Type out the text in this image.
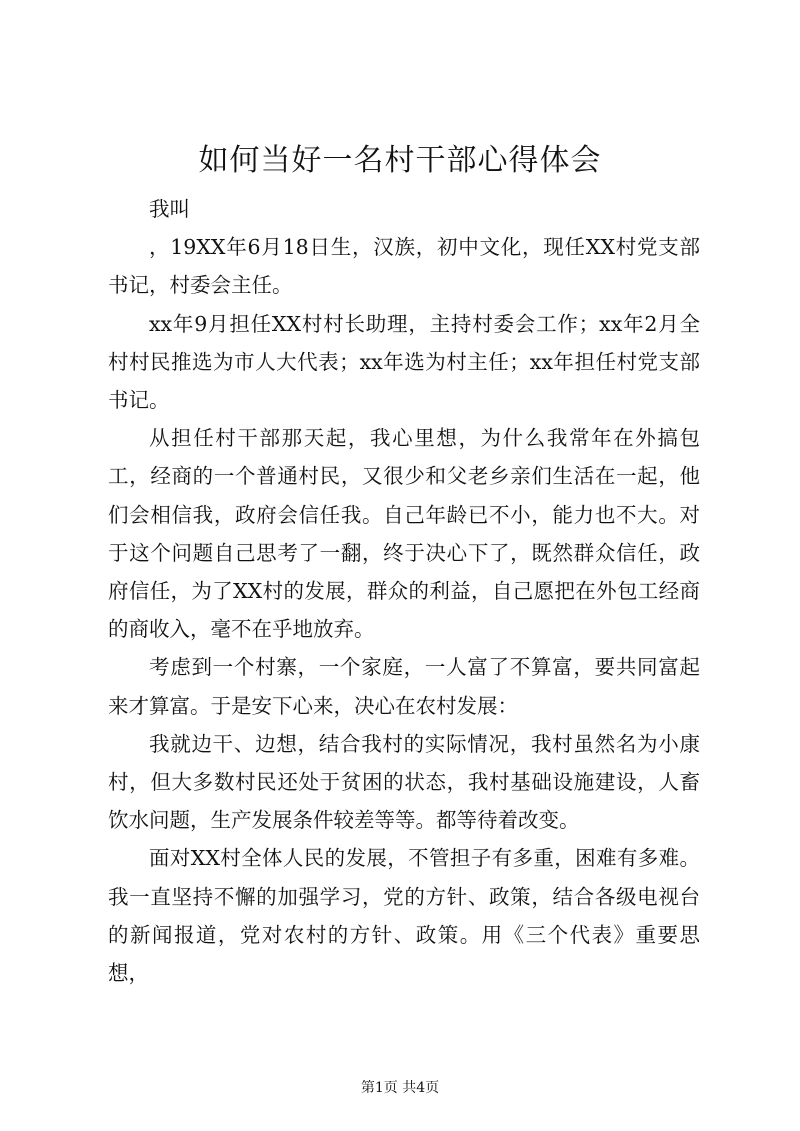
如何当好一名村干部心得体会

我叫

，19XX年6月18日生，汉族，初中文化，现任XX村党支部书记，村委会主任。

xx年9月担任XX村村长助理，主持村委会工作；xx年2月全村村民推选为市人大代表；xx年选为村主任；xx年担任村党支部书记。

从担任村干部那天起，我心里想，为什么我常年在外搞包工，经商的一个普通村民，又很少和父老乡亲们生活在一起，他们会相信我，政府会信任我。自己年龄已不小，能力也不大。对于这个问题自己思考了一翻，终于决心下了，既然群众信任，政府信任，为了XX村的发展，群众的利益，自己愿把在外包工经商的商收入，毫不在乎地放弃。

考虑到一个村寨，一个家庭，一人富了不算富，要共同富起来才算富。于是安下心来，决心在农村发展：

我就边干、边想，结合我村的实际情况，我村虽然名为小康村，但大多数村民还处于贫困的状态，我村基础设施建设，人畜饮水问题，生产发展条件较差等等。都等待着改变。

面对XX村全体人民的发展，不管担子有多重，困难有多难。我一直坚持不懈的加强学习，党的方针、政策，结合各级电视台的新闻报道，党对农村的方针、政策。用《三个代表》重要思想，

第1页 共4页
